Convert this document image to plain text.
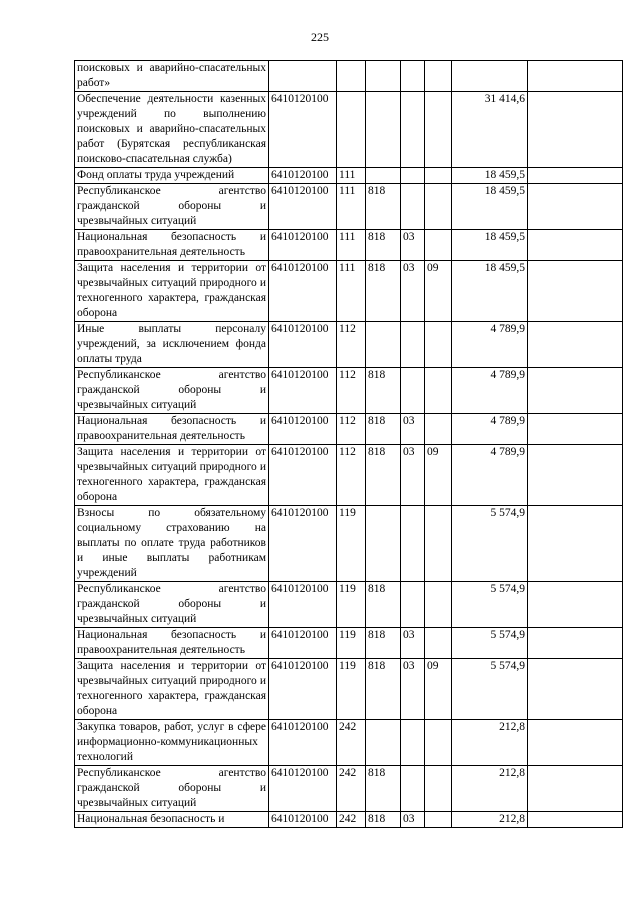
225
поисковых и аварийно-спасательных работ»							
Обеспечение деятельности казенных учреждений по выполнению поисковых и аварийно-спасательных работ (Бурятская республиканская поисково-спасательная служба)	6410120100					31 414,6	
Фонд оплаты труда учреждений	6410120100	111				18 459,5	
Республиканское агентство гражданской обороны и чрезвычайных ситуаций	6410120100	111	818			18 459,5	
Национальная безопасность и правоохранительная деятельность	6410120100	111	818	03		18 459,5	
Защита населения и территории от чрезвычайных ситуаций природного и техногенного характера, гражданская оборона	6410120100	111	818	03	09	18 459,5	
Иные выплаты персоналу учреждений, за исключением фонда оплаты труда	6410120100	112				4 789,9	
Республиканское агентство гражданской обороны и чрезвычайных ситуаций	6410120100	112	818			4 789,9	
Национальная безопасность и правоохранительная деятельность	6410120100	112	818	03		4 789,9	
Защита населения и территории от чрезвычайных ситуаций природного и техногенного характера, гражданская оборона	6410120100	112	818	03	09	4 789,9	
Взносы по обязательному социальному страхованию на выплаты по оплате труда работников и иные выплаты работникам учреждений	6410120100	119				5 574,9	
Республиканское агентство гражданской обороны и чрезвычайных ситуаций	6410120100	119	818			5 574,9	
Национальная безопасность и правоохранительная деятельность	6410120100	119	818	03		5 574,9	
Защита населения и территории от чрезвычайных ситуаций природного и техногенного характера, гражданская оборона	6410120100	119	818	03	09	5 574,9	
Закупка товаров, работ, услуг в сфере информационно-коммуникационных технологий	6410120100	242				212,8	
Республиканское агентство гражданской обороны и чрезвычайных ситуаций	6410120100	242	818			212,8	
Национальная безопасность и	6410120100	242	818	03		212,8	
